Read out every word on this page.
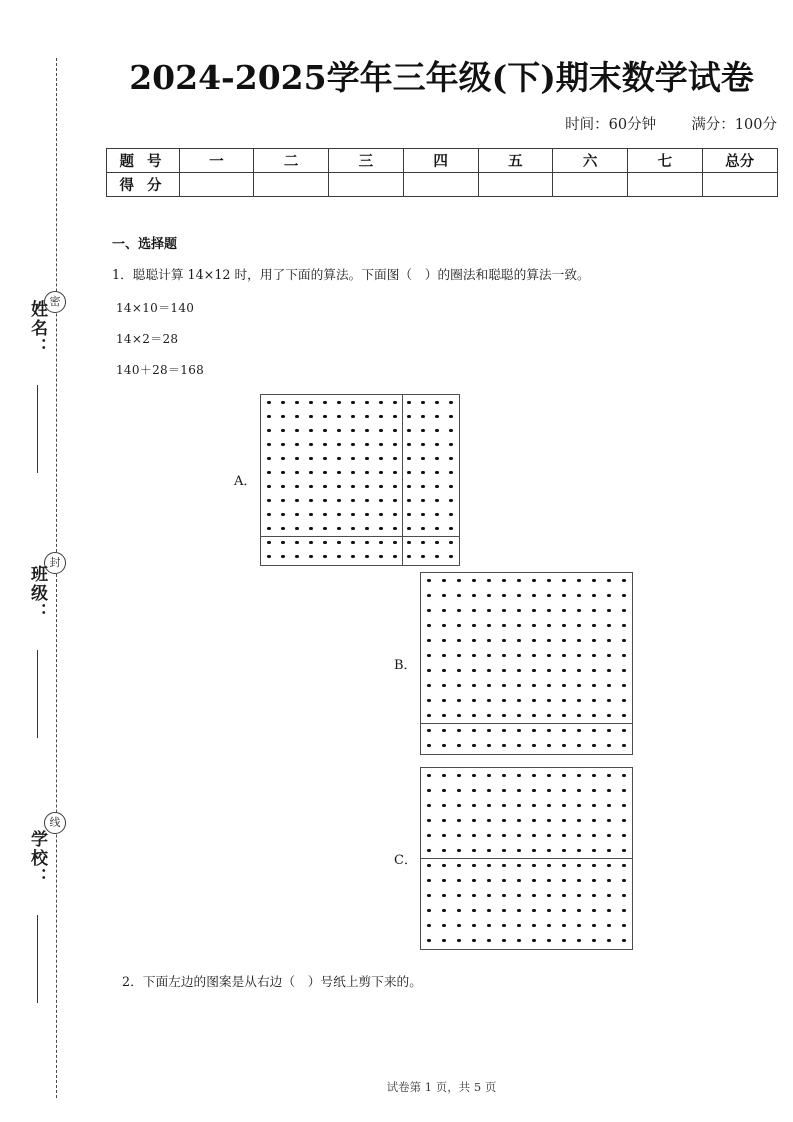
密
封
线
姓名：
班级：
学校：
2024-2025学年三年级(下)期末数学试卷
时间：60分钟 满分：100分
题 号	一	二	三	四	五	六	七	总分
得 分								
一、选择题
1．聪聪计算 14×12 时，用了下面的算法。下面图（　）的圈法和聪聪的算法一致。
14×10＝140
14×2＝28
140＋28＝168
A．
B．
C．
2．下面左边的图案是从右边（　）号纸上剪下来的。
试卷第 1 页，共 5 页
